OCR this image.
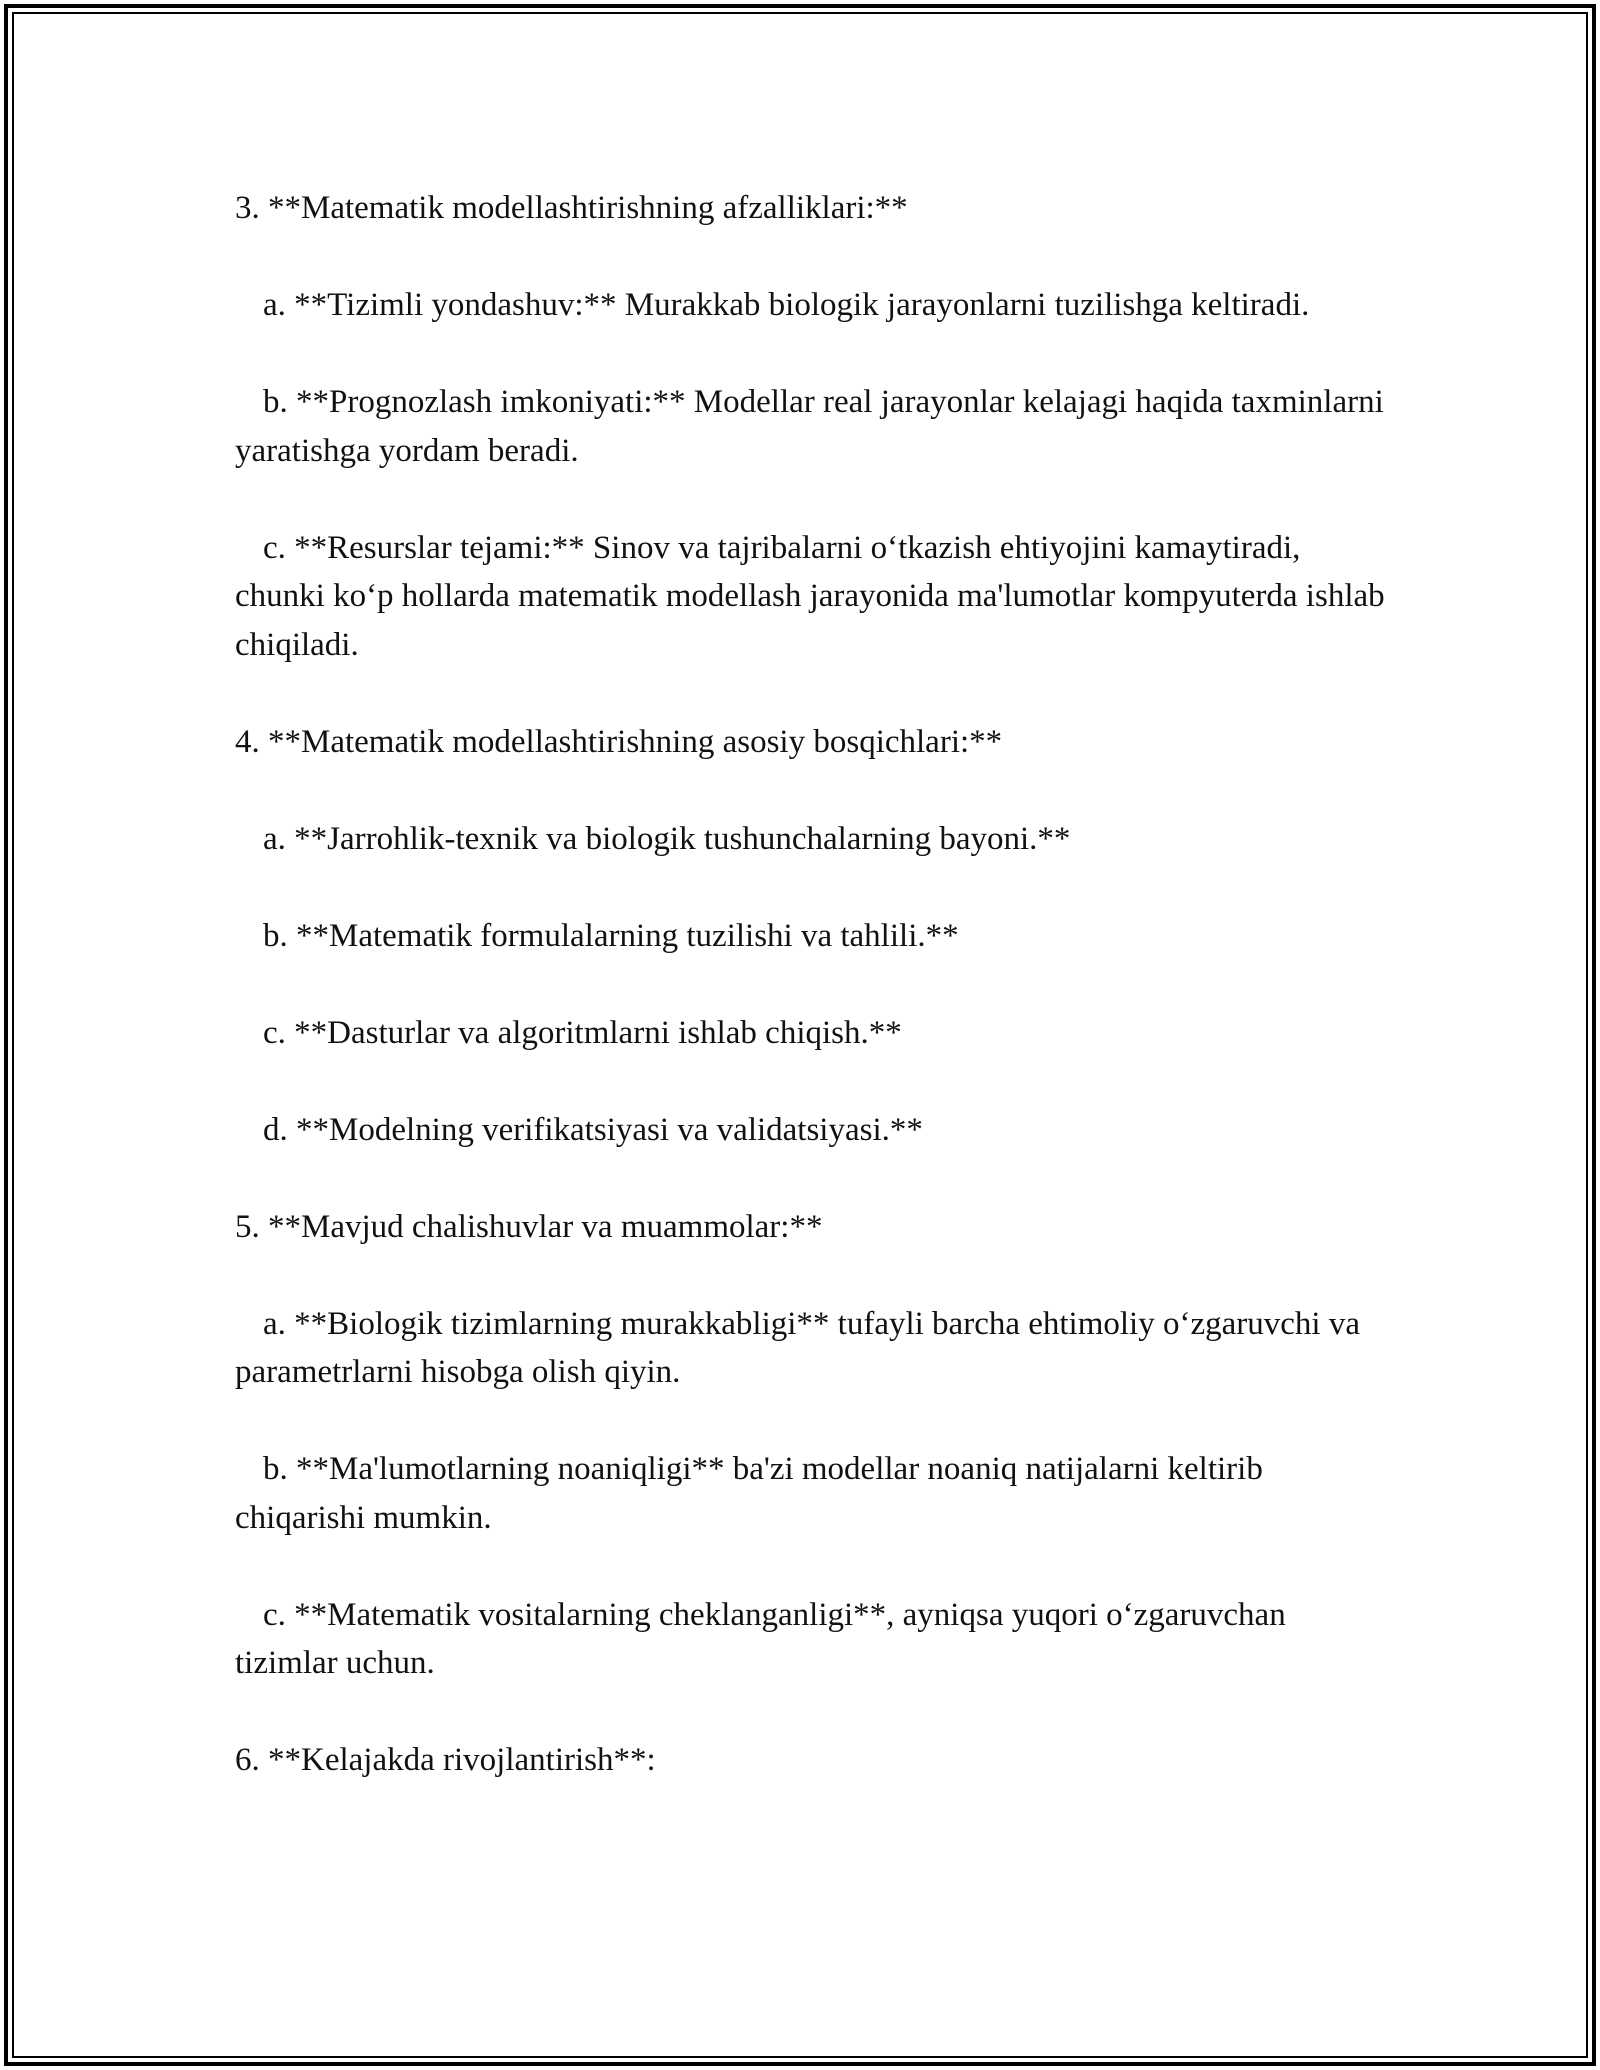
3. **Matematik modellashtirishning afzalliklari:**

a. **Tizimli yondashuv:** Murakkab biologik jarayonlarni tuzilishga keltiradi.

b. **Prognozlash imkoniyati:** Modellar real jarayonlar kelajagi haqida taxminlarni yaratishga yordam beradi.

c. **Resurslar tejami:** Sinov va tajribalarni o‘tkazish ehtiyojini kamaytiradi, chunki ko‘p hollarda matematik modellash jarayonida ma'lumotlar kompyuterda ishlab chiqiladi.

4. **Matematik modellashtirishning asosiy bosqichlari:**

a. **Jarrohlik-texnik va biologik tushunchalarning bayoni.**

b. **Matematik formulalarning tuzilishi va tahlili.**

c. **Dasturlar va algoritmlarni ishlab chiqish.**

d. **Modelning verifikatsiyasi va validatsiyasi.**

5. **Mavjud chalishuvlar va muammolar:**

a. **Biologik tizimlarning murakkabligi** tufayli barcha ehtimoliy o‘zgaruvchi va parametrlarni hisobga olish qiyin.

b. **Ma'lumotlarning noaniqligi** ba'zi modellar noaniq natijalarni keltirib chiqarishi mumkin.

c. **Matematik vositalarning cheklanganligi**, ayniqsa yuqori o‘zgaruvchan tizimlar uchun.

6. **Kelajakda rivojlantirish**:
